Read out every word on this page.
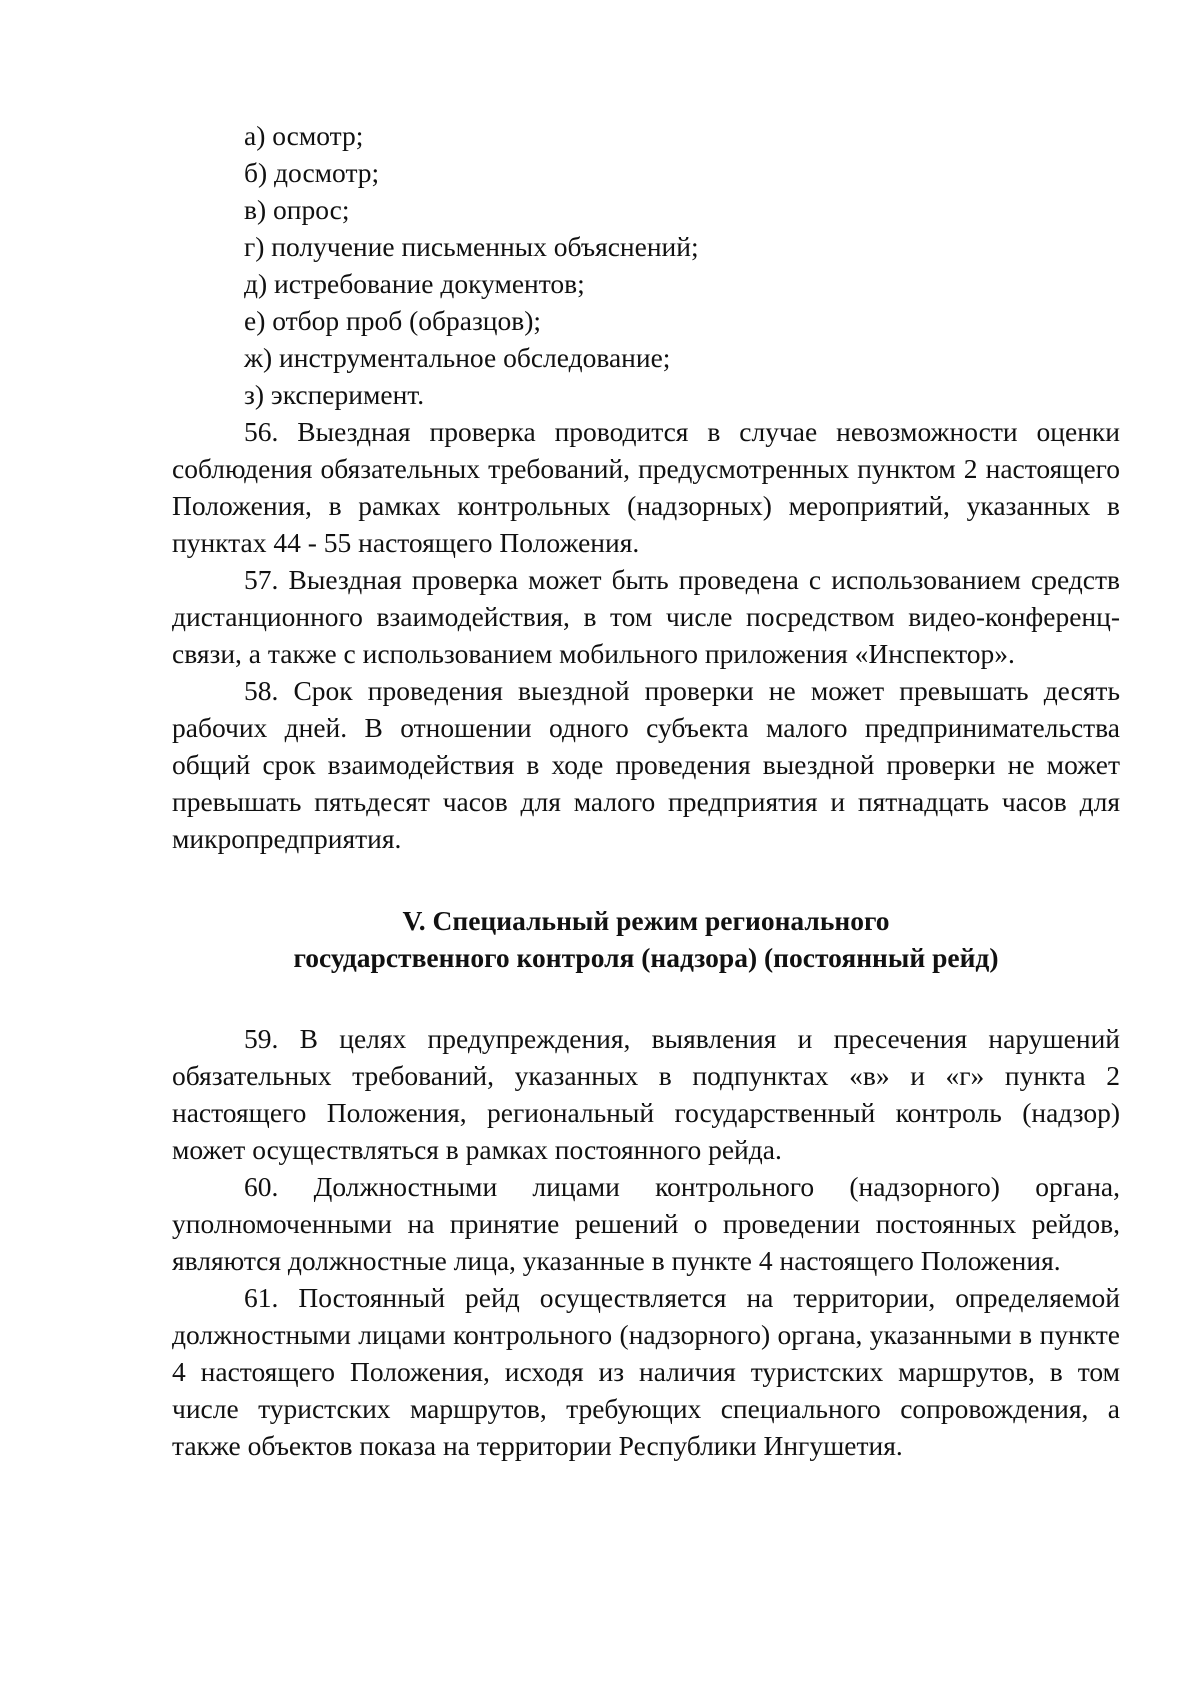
а) осмотр;

б) досмотр;

в) опрос;

г) получение письменных объяснений;

д) истребование документов;

е) отбор проб (образцов);

ж) инструментальное обследование;

з) эксперимент.

56. Выездная проверка проводится в случае невозможности оценки соблюдения обязательных требований, предусмотренных пунктом 2 настоящего Положения, в рамках контрольных (надзорных) мероприятий, указанных в пунктах 44 - 55 настоящего Положения.

57. Выездная проверка может быть проведена с использованием средств дистанционного взаимодействия, в том числе посредством видео-конференц-связи, а также с использованием мобильного приложения «Инспектор».

58. Срок проведения выездной проверки не может превышать десять рабочих дней. В отношении одного субъекта малого предпринимательства общий срок взаимодействия в ходе проведения выездной проверки не может превышать пятьдесят часов для малого предприятия и пятнадцать часов для микропредприятия.

V. Специальный режим регионального

государственного контроля (надзора) (постоянный рейд)

59. В целях предупреждения, выявления и пресечения нарушений обязательных требований, указанных в подпунктах «в» и «г» пункта 2 настоящего Положения, региональный государственный контроль (надзор) может осуществляться в рамках постоянного рейда.

60. Должностными лицами контрольного (надзорного) органа, уполномоченными на принятие решений о проведении постоянных рейдов, являются должностные лица, указанные в пункте 4 настоящего Положения.

61. Постоянный рейд осуществляется на территории, определяемой должностными лицами контрольного (надзорного) органа, указанными в пункте 4 настоящего Положения, исходя из наличия туристских маршрутов, в том числе туристских маршрутов, требующих специального сопровождения, а также объектов показа на территории Республики Ингушетия.
